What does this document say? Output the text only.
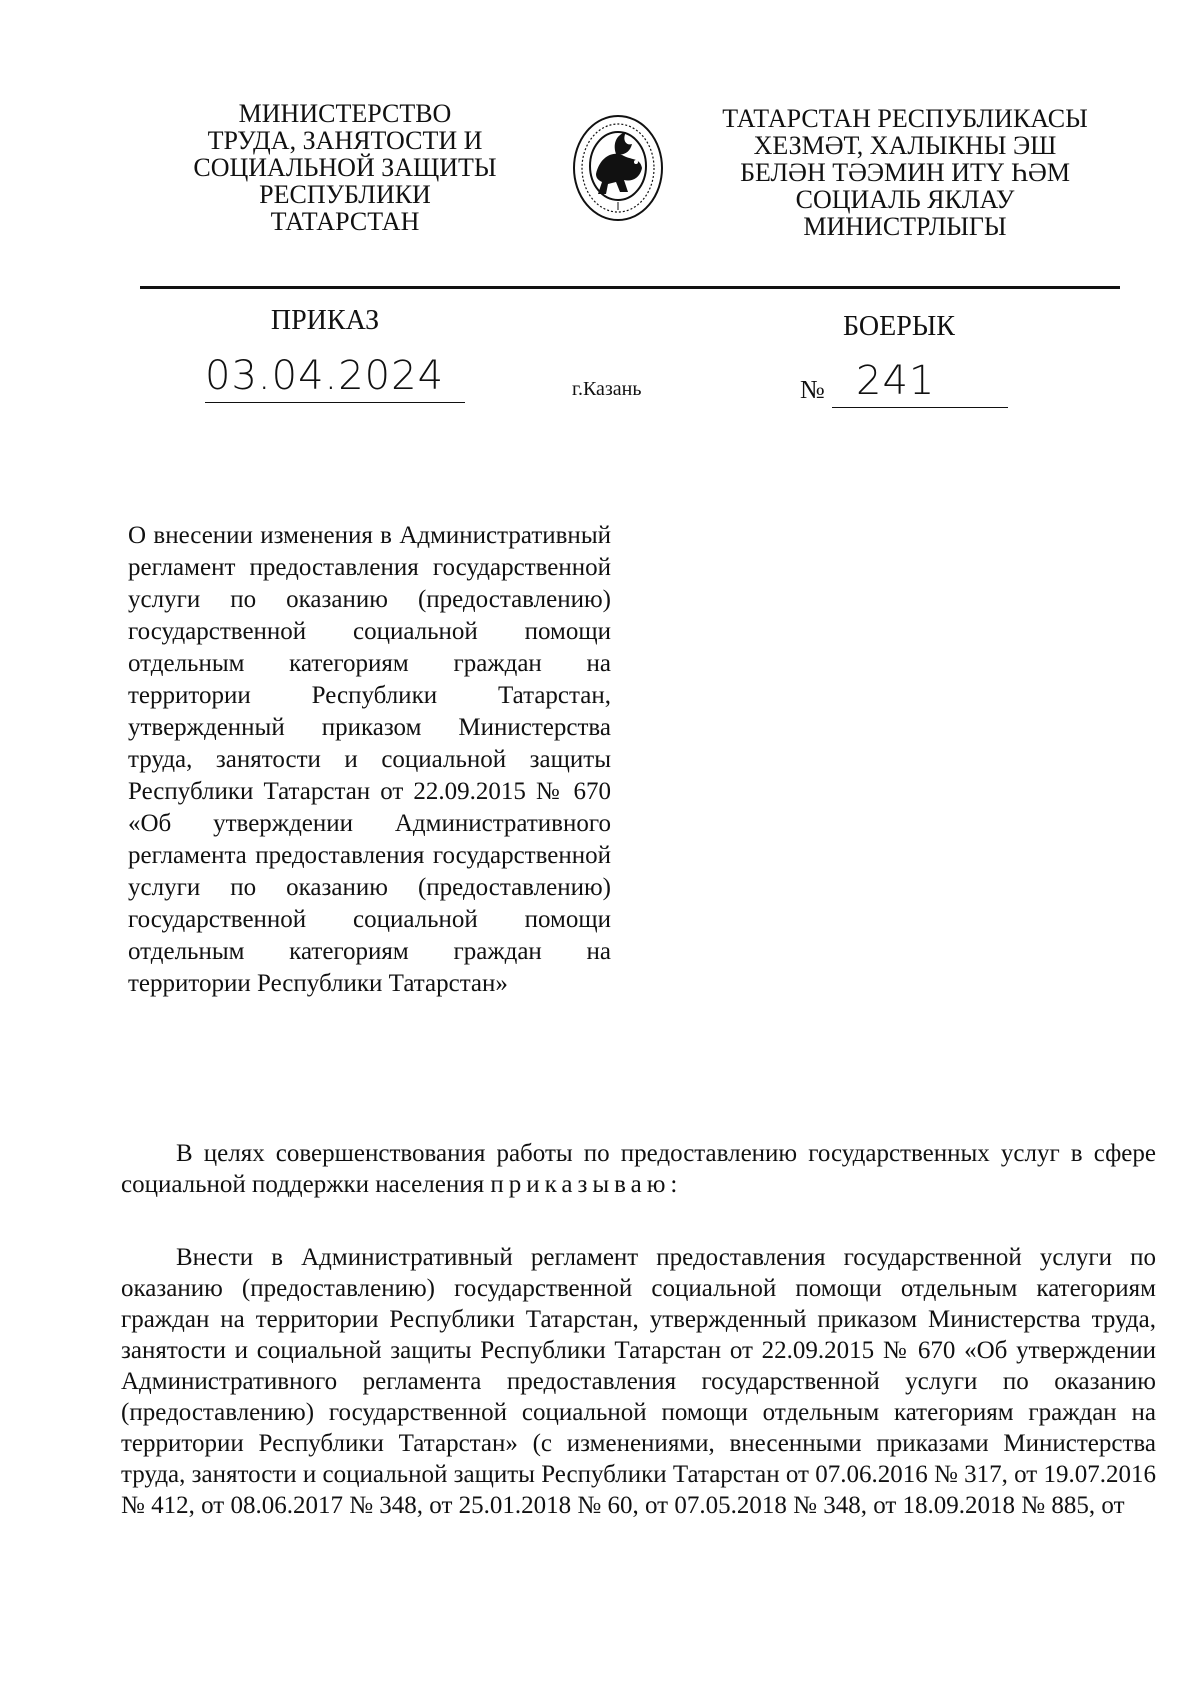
МИНИСТЕРСТВО
ТРУДА, ЗАНЯТОСТИ И
СОЦИАЛЬНОЙ ЗАЩИТЫ
РЕСПУБЛИКИ
ТАТАРСТАН
ТАТАРСТАН РЕСПУБЛИКАСЫ
ХЕЗМӘТ, ХАЛЫКНЫ ЭШ
БЕЛӘН ТӘЭМИН ИТҮ ҺӘМ
СОЦИАЛЬ ЯКЛАУ
МИНИСТРЛЫГЫ
ПРИКАЗ	БОЕРЫК
03.04.2024	г.Казань	№ 241
О внесении изменения в Административный регламент предоставления государственной услуги по оказанию (предоставлению) государственной социальной помощи отдельным категориям граждан на территории Республики Татарстан, утвержденный приказом Министерства труда, занятости и социальной защиты Республики Татарстан от 22.09.2015 № 670 «Об утверждении Административного регламента предоставления государственной услуги по оказанию (предоставлению) государственной социальной помощи отдельным категориям граждан на территории Республики Татарстан»

В целях совершенствования работы по предоставлению государственных услуг в сфере социальной поддержки населения приказываю:

Внести в Административный регламент предоставления государственной услуги по оказанию (предоставлению) государственной социальной помощи отдельным категориям граждан на территории Республики Татарстан, утвержденный приказом Министерства труда, занятости и социальной защиты Республики Татарстан от 22.09.2015 № 670 «Об утверждении Административного регламента предоставления государственной услуги по оказанию (предоставлению) государственной социальной помощи отдельным категориям граждан на территории Республики Татарстан» (с изменениями, внесенными приказами Министерства труда, занятости и социальной защиты Республики Татарстан от 07.06.2016 № 317, от 19.07.2016 № 412, от 08.06.2017 № 348, от 25.01.2018 № 60, от 07.05.2018 № 348, от 18.09.2018 № 885, от
